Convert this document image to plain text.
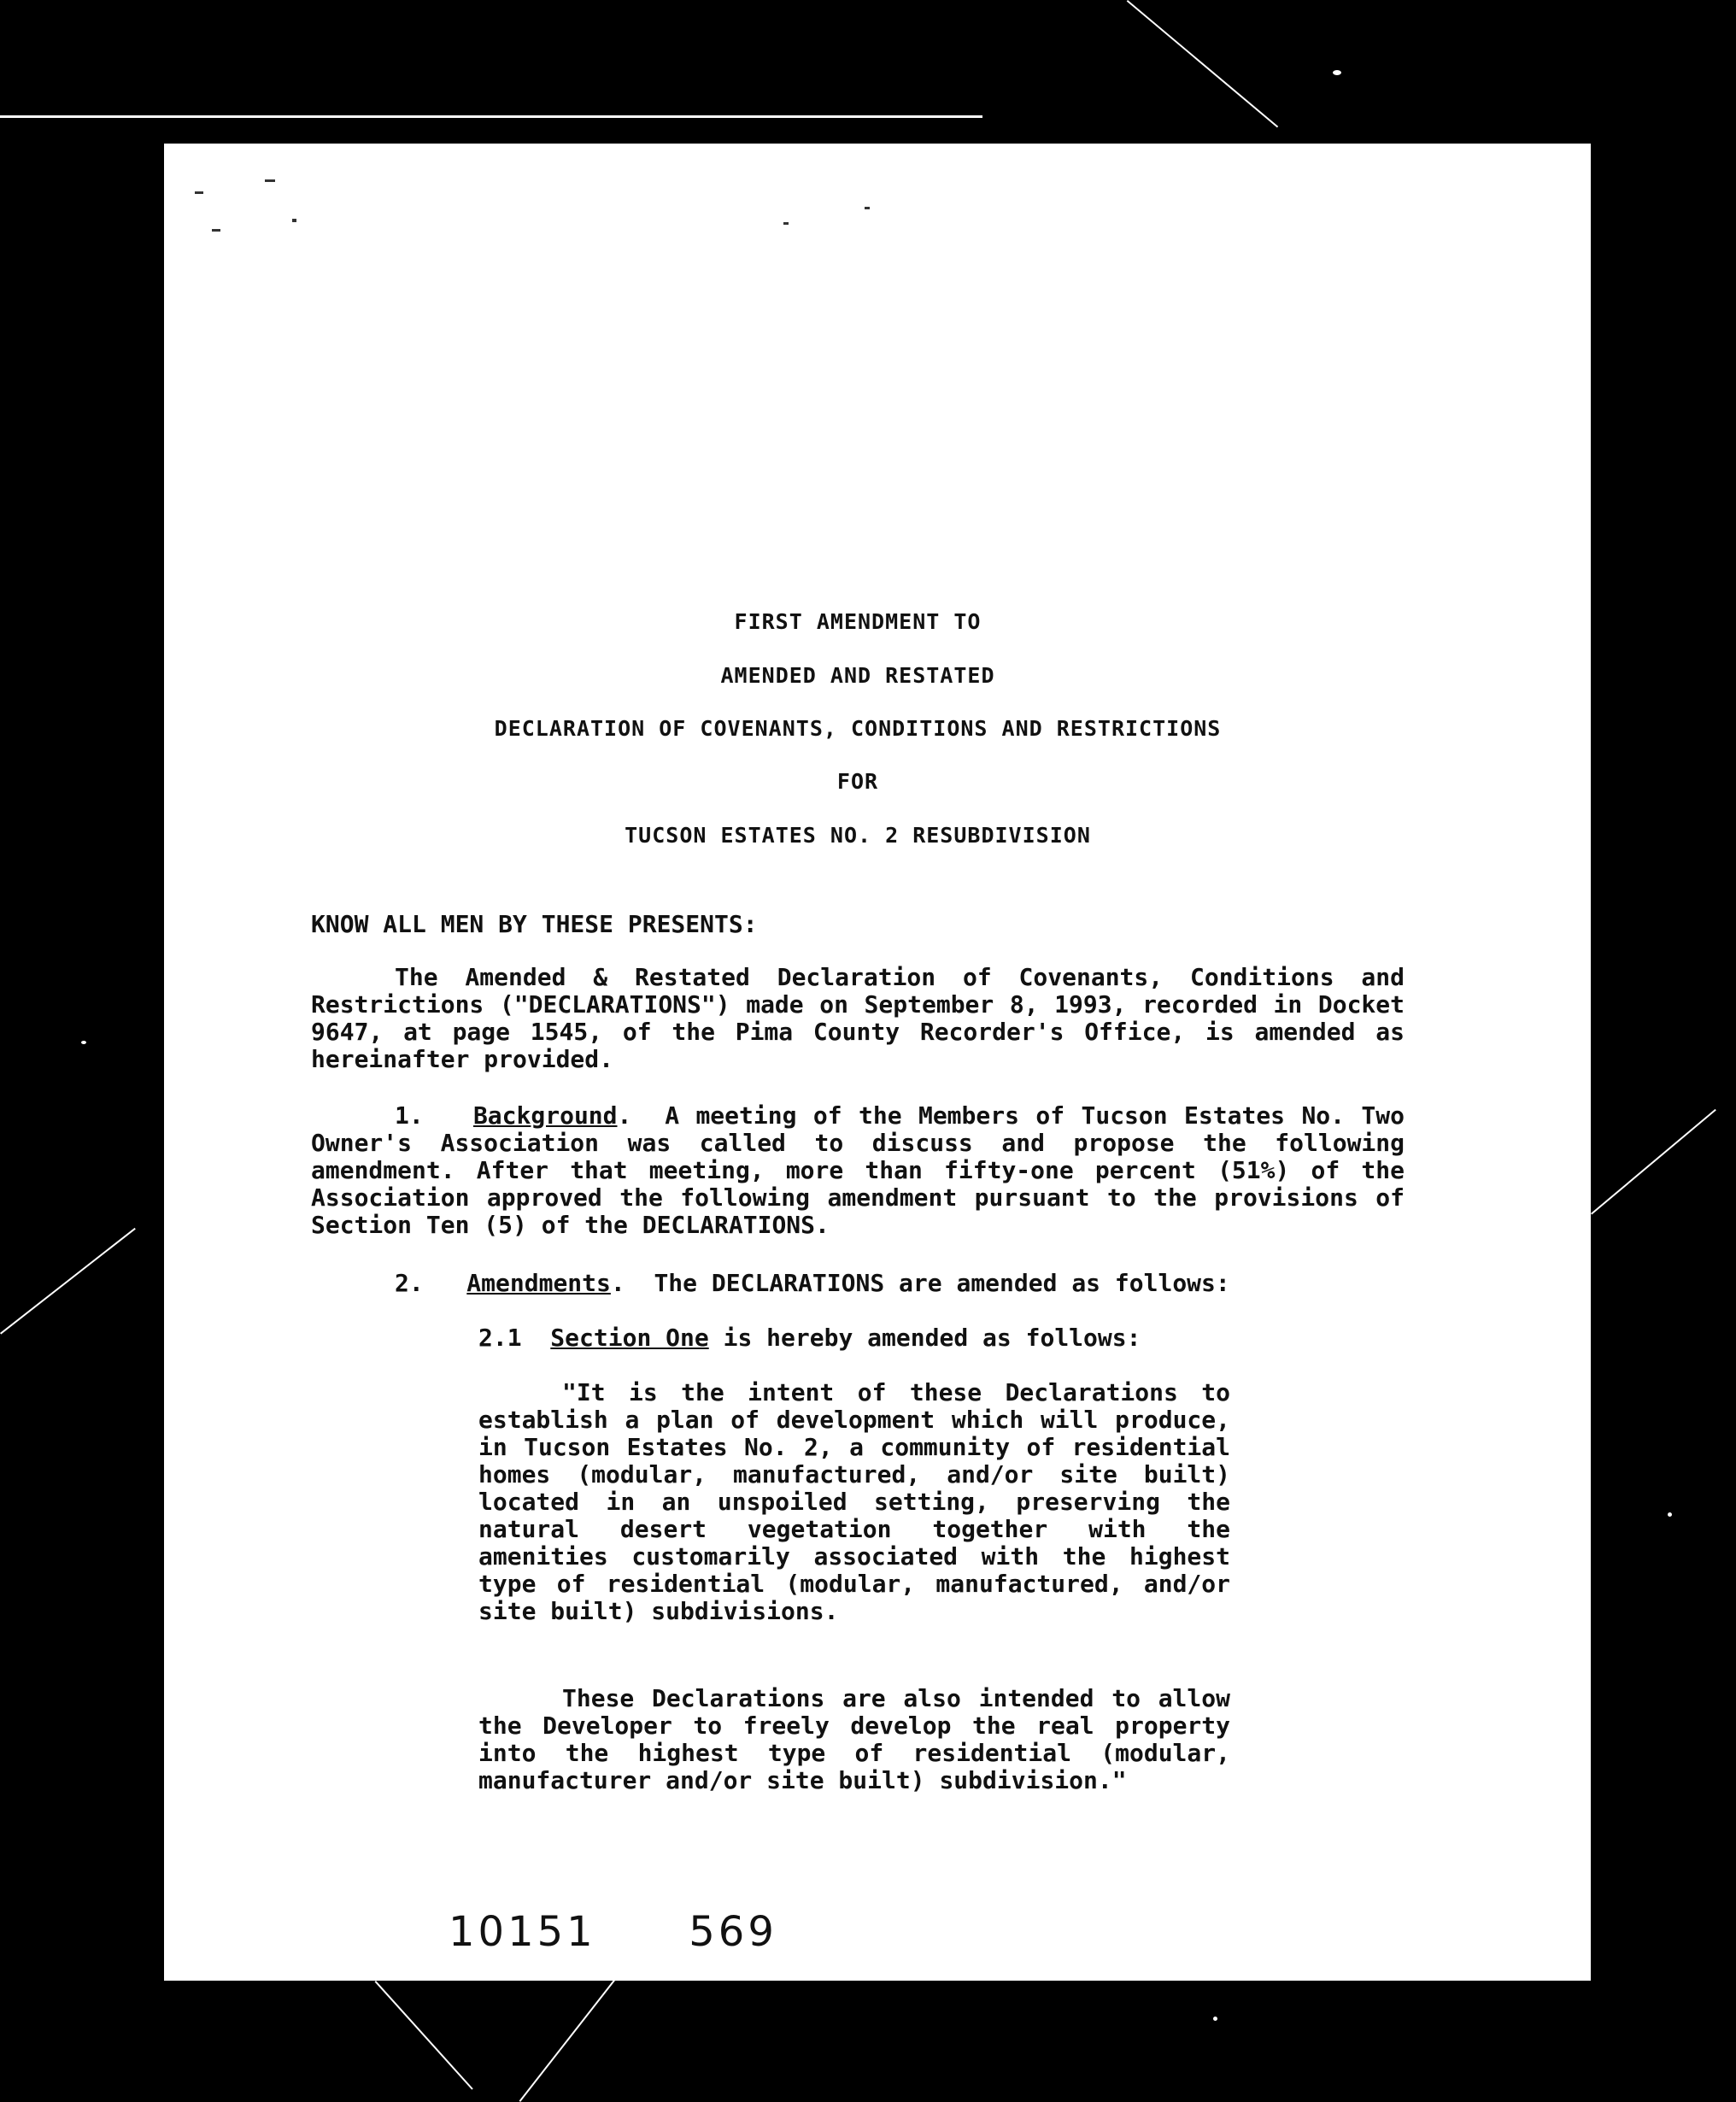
FIRST AMENDMENT TO
AMENDED AND RESTATED
DECLARATION OF COVENANTS, CONDITIONS AND RESTRICTIONS
FOR
TUCSON ESTATES NO. 2 RESUBDIVISION
KNOW ALL MEN BY THESE PRESENTS:
The Amended & Restated Declaration of Covenants, Conditions and Restrictions ("DECLARATIONS") made on September 8, 1993, recorded in Docket 9647, at page 1545, of the Pima County Recorder's Office, is amended as hereinafter provided.
1. Background.  A meeting of the Members of Tucson Estates No. Two Owner's Association was called to discuss and propose the following amendment. After that meeting, more than fifty-one percent (51%) of the Association approved the following amendment pursuant to the provisions of Section Ten (5) of the DECLARATIONS.
2. Amendments.  The DECLARATIONS are amended as follows:
2.1 Section One is hereby amended as follows:
"It is the intent of these Declarations to establish a plan of development which will produce, in Tucson Estates No. 2, a community of residential homes (modular, manufactured, and/or site built) located in an unspoiled setting, preserving the natural desert vegetation together with the amenities customarily associated with the highest type of residential (modular, manufactured, and/or site built) subdivisions.
These Declarations are also intended to allow the Developer to freely develop the real property into the highest type of residential (modular, manufacturer and/or site built) subdivision."
10151 569
